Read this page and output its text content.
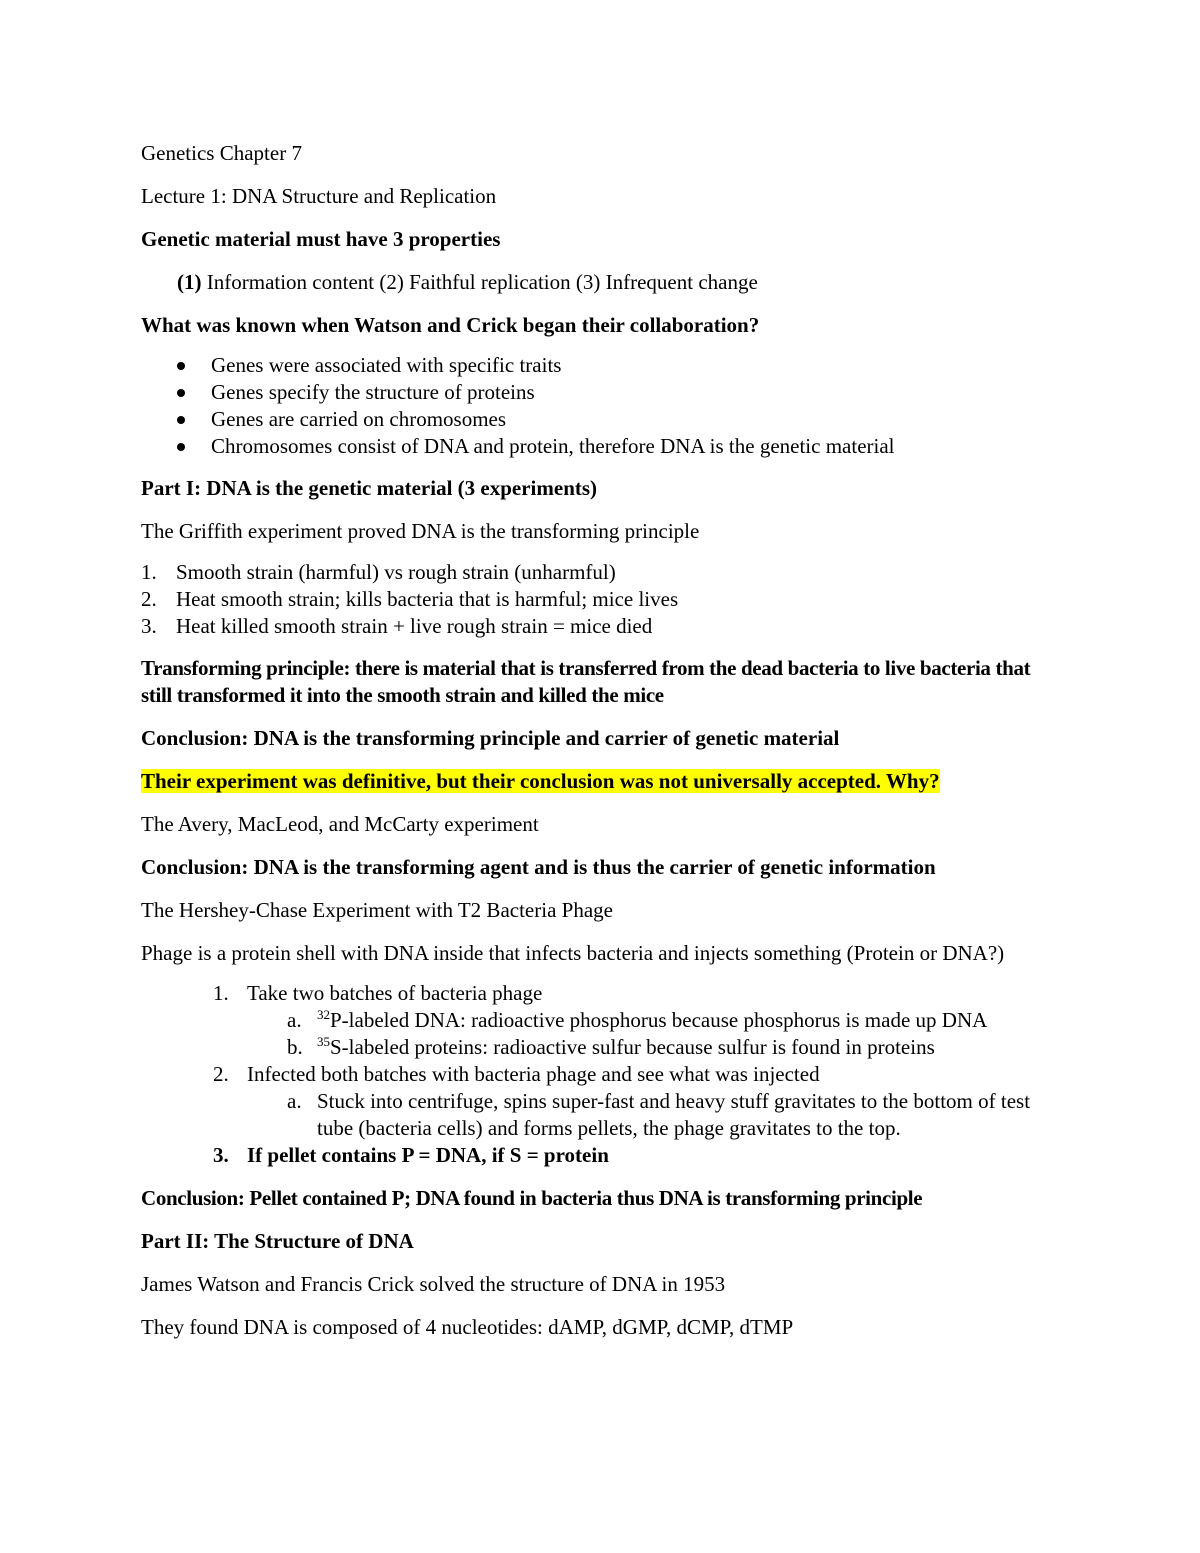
Genetics Chapter 7

Lecture 1: DNA Structure and Replication

Genetic material must have 3 properties

(1) Information content (2) Faithful replication (3) Infrequent change

What was known when Watson and Crick began their collaboration?

Genes were associated with specific traits
Genes specify the structure of proteins
Genes are carried on chromosomes
Chromosomes consist of DNA and protein, therefore DNA is the genetic material

Part I: DNA is the genetic material (3 experiments)

The Griffith experiment proved DNA is the transforming principle

1. Smooth strain (harmful) vs rough strain (unharmful)
2. Heat smooth strain; kills bacteria that is harmful; mice lives
3. Heat killed smooth strain + live rough strain = mice died

Transforming principle: there is material that is transferred from the dead bacteria to live bacteria that still transformed it into the smooth strain and killed the mice

Conclusion: DNA is the transforming principle and carrier of genetic material

Their experiment was definitive, but their conclusion was not universally accepted. Why?

The Avery, MacLeod, and McCarty experiment

Conclusion: DNA is the transforming agent and is thus the carrier of genetic information

The Hershey-Chase Experiment with T2 Bacteria Phage

Phage is a protein shell with DNA inside that infects bacteria and injects something (Protein or DNA?)

1. Take two batches of bacteria phage
a. $^{32}$P-labeled DNA: radioactive phosphorus because phosphorus is made up DNA
b. $^{35}$S-labeled proteins: radioactive sulfur because sulfur is found in proteins
2. Infected both batches with bacteria phage and see what was injected
a. Stuck into centrifuge, spins super-fast and heavy stuff gravitates to the bottom of test tube (bacteria cells) and forms pellets, the phage gravitates to the top.
3. If pellet contains P = DNA, if S = protein

Conclusion: Pellet contained P; DNA found in bacteria thus DNA is transforming principle

Part II: The Structure of DNA

James Watson and Francis Crick solved the structure of DNA in 1953

They found DNA is composed of 4 nucleotides: dAMP, dGMP, dCMP, dTMP
